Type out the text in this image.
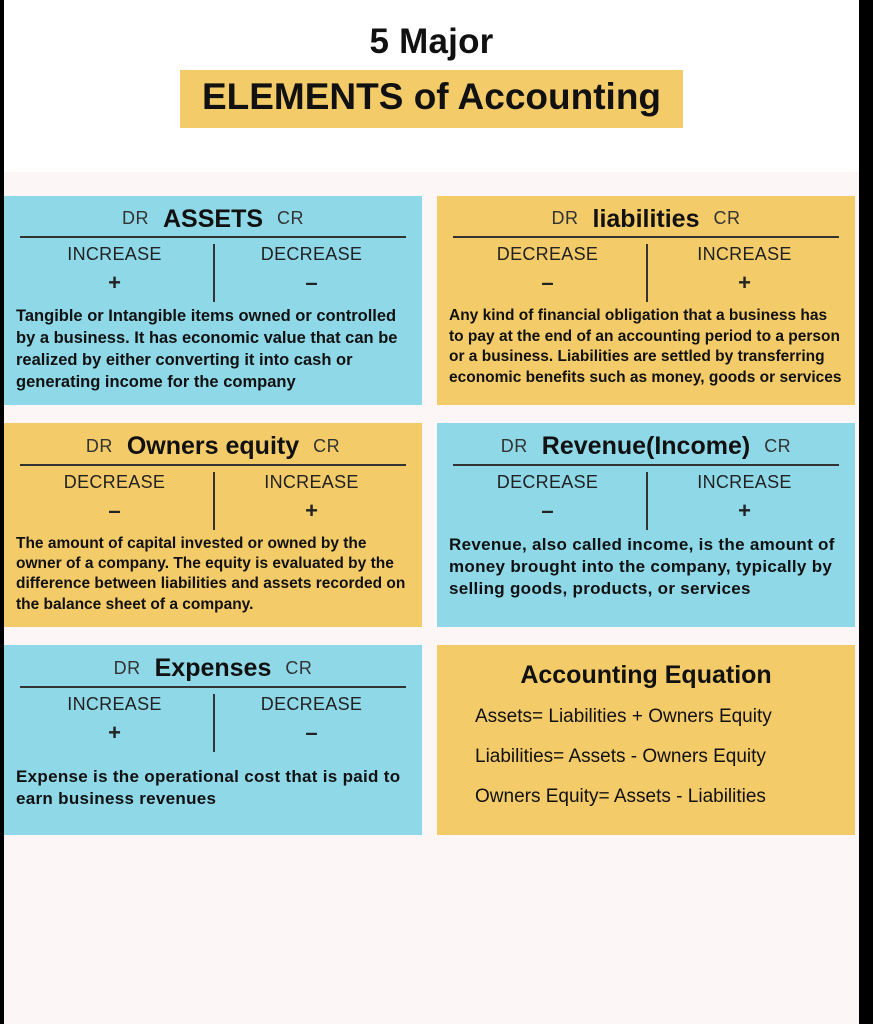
5 Major
ELEMENTS of Accounting
DR ASSETS CR
INCREASE
+
DECREASE
–
Tangible or Intangible items owned or controlled by a business. It has economic value that can be realized by either converting it into cash or generating income for the company
DR liabilities CR
DECREASE
–
INCREASE
+
Any kind of financial obligation that a business has to pay at the end of an accounting period to a person or a business. Liabilities are settled by transferring economic benefits such as money, goods or services
DR Owners equity CR
DECREASE
–
INCREASE
+
The amount of capital invested or owned by the owner of a company. The equity is evaluated by the difference between liabilities and assets recorded on the balance sheet of a company.
DR Revenue(Income) CR
DECREASE
–
INCREASE
+
Revenue, also called income, is the amount of money brought into the company, typically by selling goods, products, or services
DR Expenses CR
INCREASE
+
DECREASE
–
Expense is the operational cost that is paid to earn business revenues
Accounting Equation
Assets= Liabilities + Owners Equity
Liabilities= Assets - Owners Equity
Owners Equity= Assets - Liabilities
